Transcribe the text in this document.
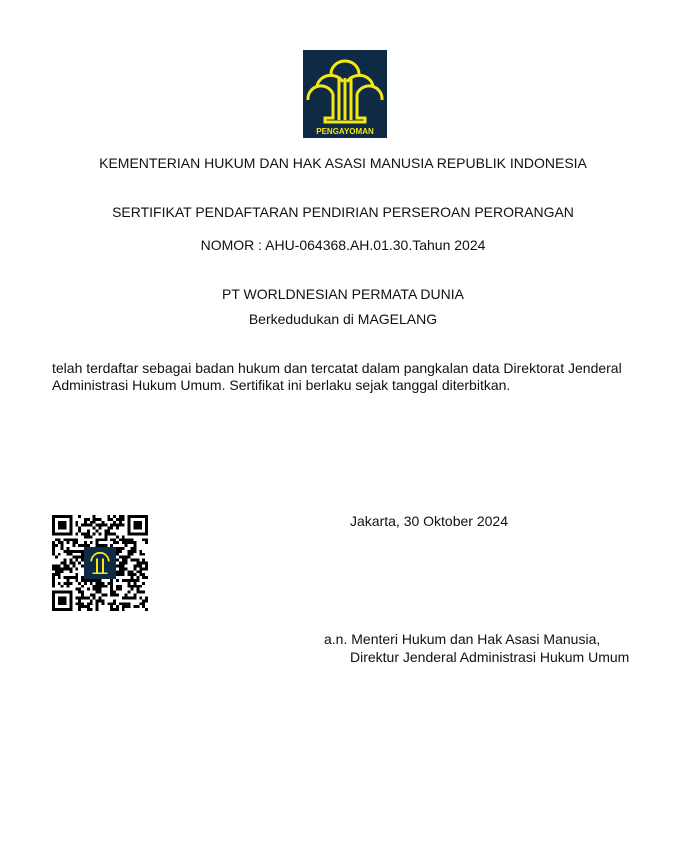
PENGAYOMAN
KEMENTERIAN HUKUM DAN HAK ASASI MANUSIA REPUBLIK INDONESIA
SERTIFIKAT PENDAFTARAN PENDIRIAN PERSEROAN PERORANGAN
NOMOR : AHU-064368.AH.01.30.Tahun 2024
PT WORLDNESIAN PERMATA DUNIA
Berkedudukan di MAGELANG
telah terdaftar sebagai badan hukum dan tercatat dalam pangkalan data Direktorat Jenderal
Administrasi Hukum Umum. Sertifikat ini berlaku sejak tanggal diterbitkan.
Jakarta, 30 Oktober 2024
a.n. Menteri Hukum dan Hak Asasi Manusia,
Direktur Jenderal Administrasi Hukum Umum
